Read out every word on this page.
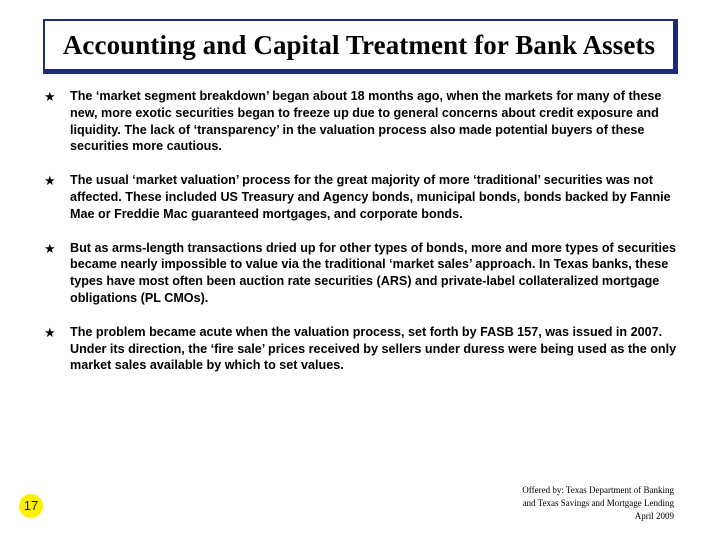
Accounting and Capital Treatment for Bank Assets
★	The ‘market segment breakdown’ began about 18 months ago, when the markets for many of these new, more exotic securities began to freeze up due to general concerns about credit exposure and liquidity. The lack of ‘transparency’ in the valuation process also made potential buyers of these securities more cautious.
★	The usual ‘market valuation’ process for the great majority of more ‘traditional’ securities was not affected. These included US Treasury and Agency bonds, municipal bonds, bonds backed by Fannie Mae or Freddie Mac guaranteed mortgages, and corporate bonds.
★	But as arms-length transactions dried up for other types of bonds, more and more types of securities became nearly impossible to value via the traditional ‘market sales’ approach. In Texas banks, these types have most often been auction rate securities (ARS) and private-label collateralized mortgage obligations (PL CMOs).
★	The problem became acute when the valuation process, set forth by FASB 157, was issued in 2007. Under its direction, the ‘fire sale’ prices received by sellers under duress were being used as the only market sales available by which to set values.
17
Offered by: Texas Department of Banking
and Texas Savings and Mortgage Lending
April 2009
